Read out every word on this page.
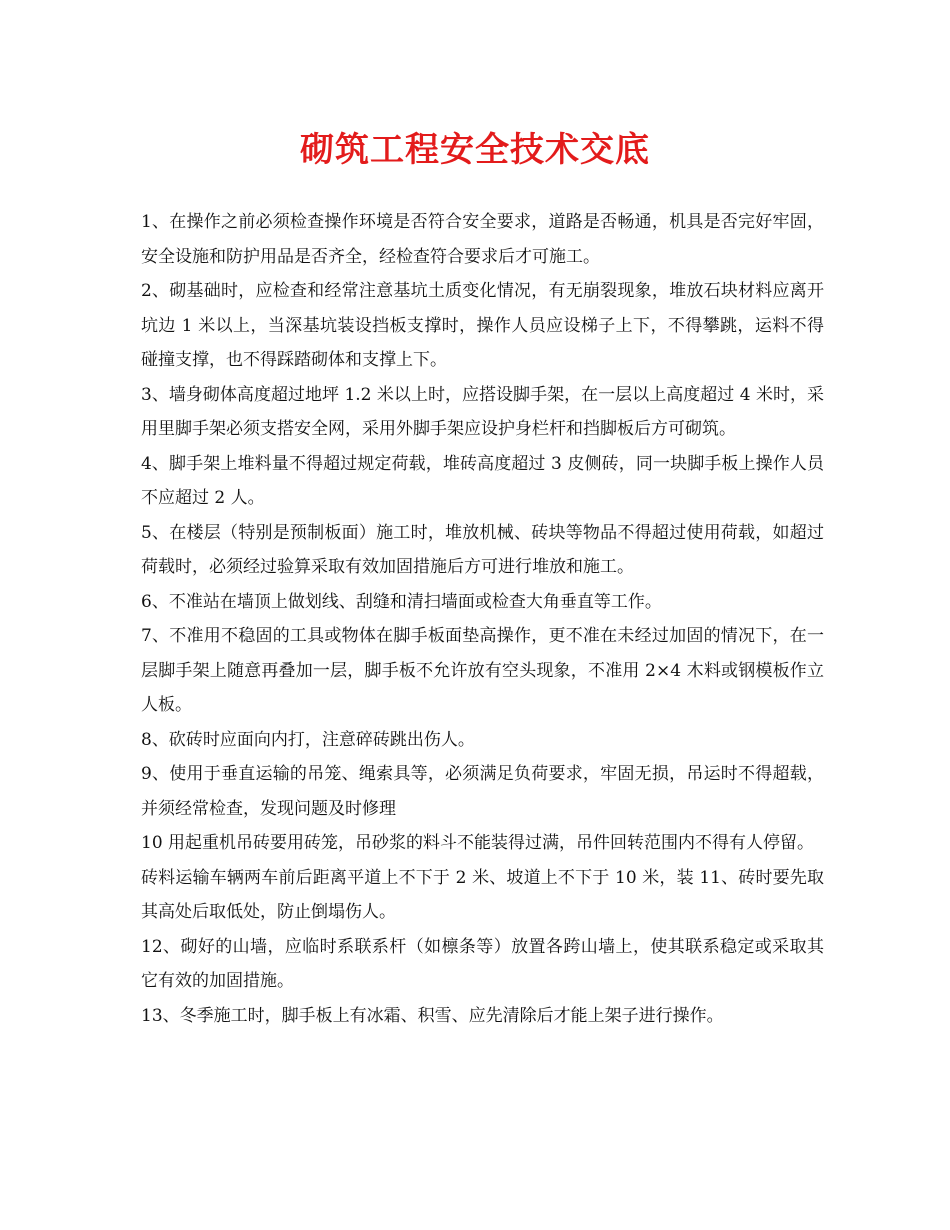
砌筑工程安全技术交底

1、在操作之前必须检查操作环境是否符合安全要求，道路是否畅通，机具是否完好牢固，安全设施和防护用品是否齐全，经检查符合要求后才可施工。

2、砌基础时，应检查和经常注意基坑土质变化情况，有无崩裂现象，堆放石块材料应离开坑边 1 米以上，当深基坑装设挡板支撑时，操作人员应设梯子上下，不得攀跳，运料不得碰撞支撑，也不得踩踏砌体和支撑上下。

3、墙身砌体高度超过地坪 1.2 米以上时，应搭设脚手架，在一层以上高度超过 4 米时，采用里脚手架必须支搭安全网，采用外脚手架应设护身栏杆和挡脚板后方可砌筑。

4、脚手架上堆料量不得超过规定荷载，堆砖高度超过 3 皮侧砖，同一块脚手板上操作人员不应超过 2 人。

5、在楼层（特别是预制板面）施工时，堆放机械、砖块等物品不得超过使用荷载，如超过荷载时，必须经过验算采取有效加固措施后方可进行堆放和施工。

6、不准站在墙顶上做划线、刮缝和清扫墙面或检查大角垂直等工作。

7、不准用不稳固的工具或物体在脚手板面垫高操作，更不准在未经过加固的情况下，在一层脚手架上随意再叠加一层，脚手板不允许放有空头现象，不准用 2×4 木料或钢模板作立人板。

8、砍砖时应面向内打，注意碎砖跳出伤人。

9、使用于垂直运输的吊笼、绳索具等，必须满足负荷要求，牢固无损，吊运时不得超载，并须经常检查，发现问题及时修理

10 用起重机吊砖要用砖笼，吊砂浆的料斗不能装得过满，吊件回转范围内不得有人停留。

砖料运输车辆两车前后距离平道上不下于 2 米、坡道上不下于 10 米，装 11、砖时要先取其高处后取低处，防止倒塌伤人。

12、砌好的山墙，应临时系联系杆（如檩条等）放置各跨山墙上，使其联系稳定或采取其它有效的加固措施。

13、冬季施工时，脚手板上有冰霜、积雪、应先清除后才能上架子进行操作。
